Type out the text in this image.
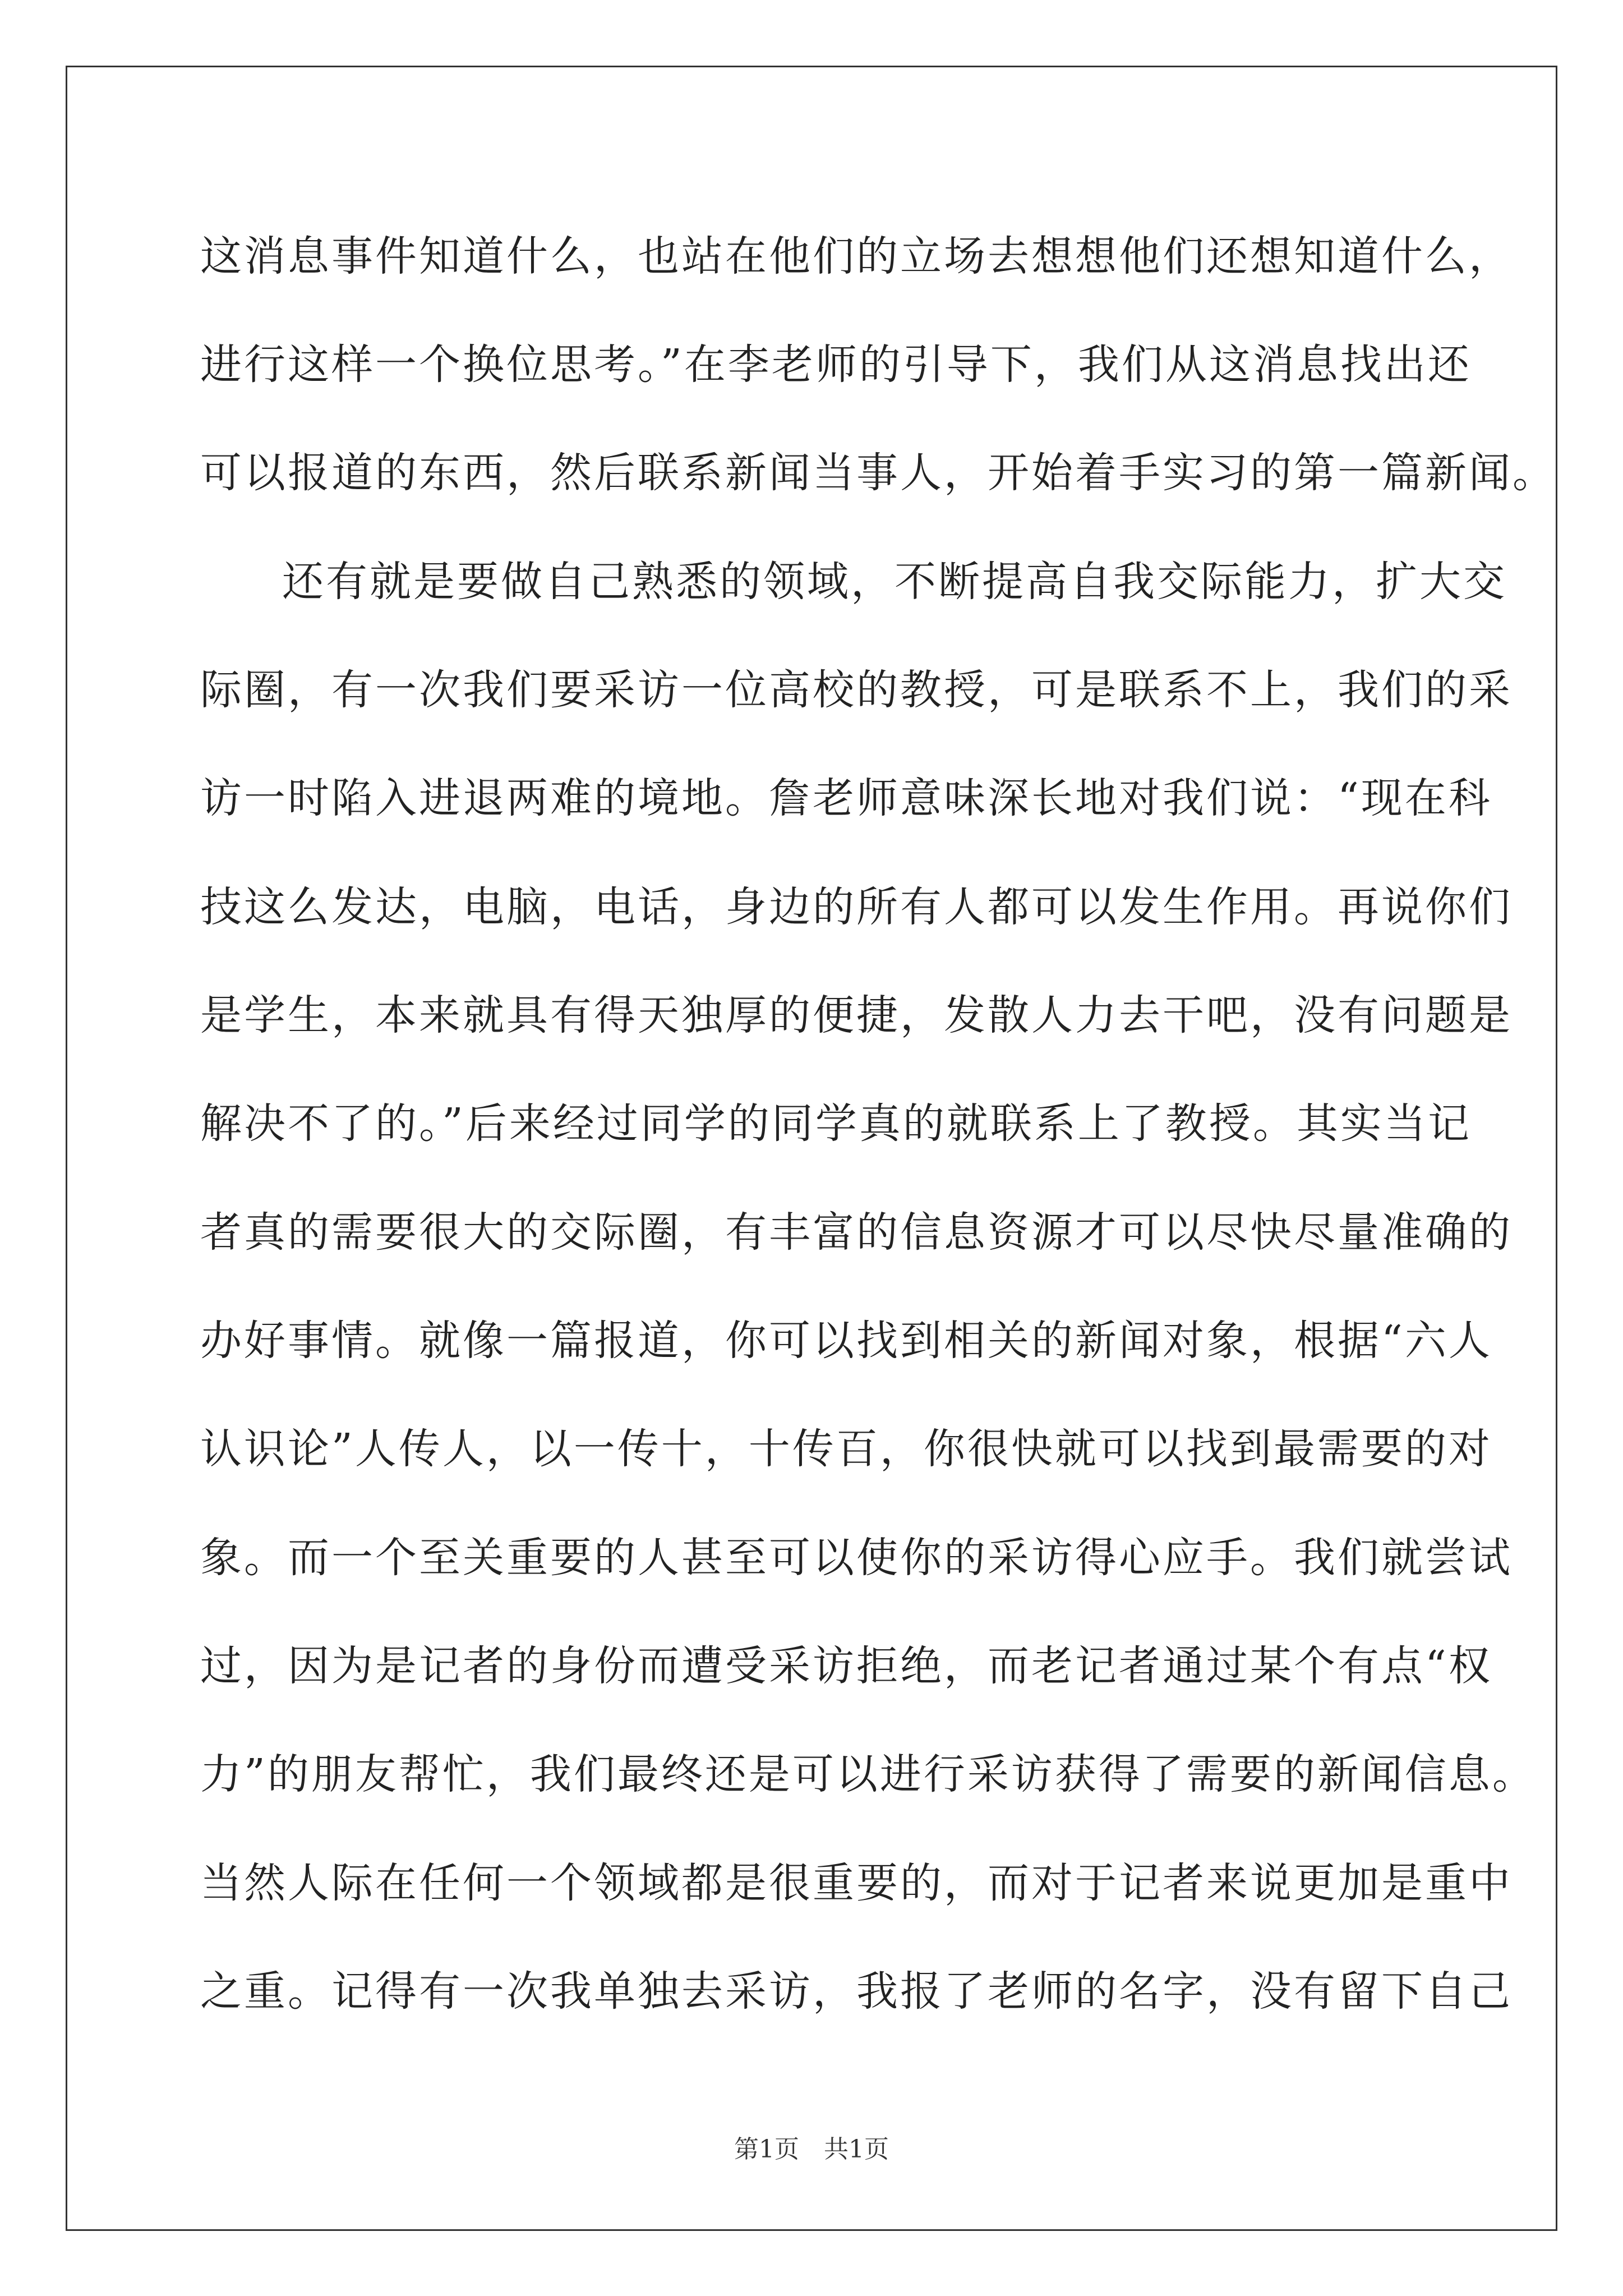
这消息事件知道什么，也站在他们的立场去想想他们还想知道什么，
进行这样一个换位思考。”在李老师的引导下，我们从这消息找出还
可以报道的东西，然后联系新闻当事人，开始着手实习的第一篇新闻。
还有就是要做自己熟悉的领域，不断提高自我交际能力，扩大交
际圈，有一次我们要采访一位高校的教授，可是联系不上，我们的采
访一时陷入进退两难的境地。詹老师意味深长地对我们说：“现在科
技这么发达，电脑，电话，身边的所有人都可以发生作用。再说你们
是学生，本来就具有得天独厚的便捷，发散人力去干吧，没有问题是
解决不了的。”后来经过同学的同学真的就联系上了教授。其实当记
者真的需要很大的交际圈，有丰富的信息资源才可以尽快尽量准确的
办好事情。就像一篇报道，你可以找到相关的新闻对象，根据“六人
认识论”人传人，以一传十，十传百，你很快就可以找到最需要的对
象。而一个至关重要的人甚至可以使你的采访得心应手。我们就尝试
过，因为是记者的身份而遭受采访拒绝，而老记者通过某个有点“权
力”的朋友帮忙，我们最终还是可以进行采访获得了需要的新闻信息。
当然人际在任何一个领域都是很重要的，而对于记者来说更加是重中
之重。记得有一次我单独去采访，我报了老师的名字，没有留下自己
第1页　共1页
